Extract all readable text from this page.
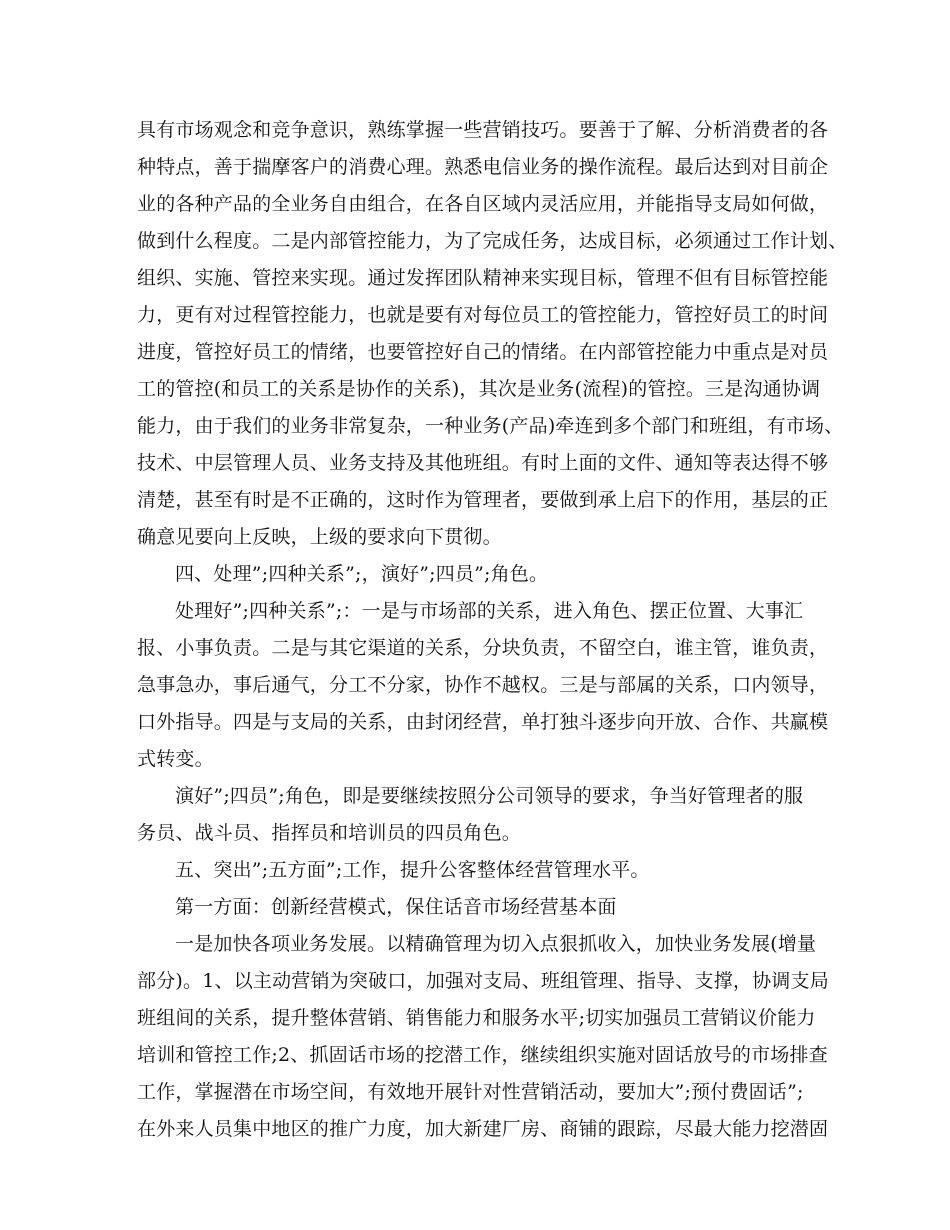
具有市场观念和竞争意识，熟练掌握一些营销技巧。要善于了解、分析消费者的各
种特点，善于揣摩客户的消费心理。熟悉电信业务的操作流程。最后达到对目前企
业的各种产品的全业务自由组合，在各自区域内灵活应用，并能指导支局如何做，
做到什么程度。二是内部管控能力，为了完成任务，达成目标，必须通过工作计划、
组织、实施、管控来实现。通过发挥团队精神来实现目标，管理不但有目标管控能
力，更有对过程管控能力，也就是要有对每位员工的管控能力，管控好员工的时间
进度，管控好员工的情绪，也要管控好自己的情绪。在内部管控能力中重点是对员
工的管控(和员工的关系是协作的关系)，其次是业务(流程)的管控。三是沟通协调
能力，由于我们的业务非常复杂，一种业务(产品)牵连到多个部门和班组，有市场、
技术、中层管理人员、业务支持及其他班组。有时上面的文件、通知等表达得不够
清楚，甚至有时是不正确的，这时作为管理者，要做到承上启下的作用，基层的正
确意见要向上反映，上级的要求向下贯彻。
四、处理”;四种关系”;，演好”;四员”;角色。
处理好”;四种关系”;：一是与市场部的关系，进入角色、摆正位置、大事汇
报、小事负责。二是与其它渠道的关系，分块负责，不留空白，谁主管，谁负责，
急事急办，事后通气，分工不分家，协作不越权。三是与部属的关系，口内领导，
口外指导。四是与支局的关系，由封闭经营，单打独斗逐步向开放、合作、共赢模
式转变。
演好”;四员”;角色，即是要继续按照分公司领导的要求，争当好管理者的服
务员、战斗员、指挥员和培训员的四员角色。
五、突出”;五方面”;工作，提升公客整体经营管理水平。
第一方面：创新经营模式，保住话音市场经营基本面
一是加快各项业务发展。以精确管理为切入点狠抓收入，加快业务发展(增量
部分)。1、以主动营销为突破口，加强对支局、班组管理、指导、支撑，协调支局
班组间的关系，提升整体营销、销售能力和服务水平;切实加强员工营销议价能力
培训和管控工作;2、抓固话市场的挖潜工作，继续组织实施对固话放号的市场排查
工作，掌握潜在市场空间，有效地开展针对性营销活动，要加大”;预付费固话”;
在外来人员集中地区的推广力度，加大新建厂房、商铺的跟踪，尽最大能力挖潜固
